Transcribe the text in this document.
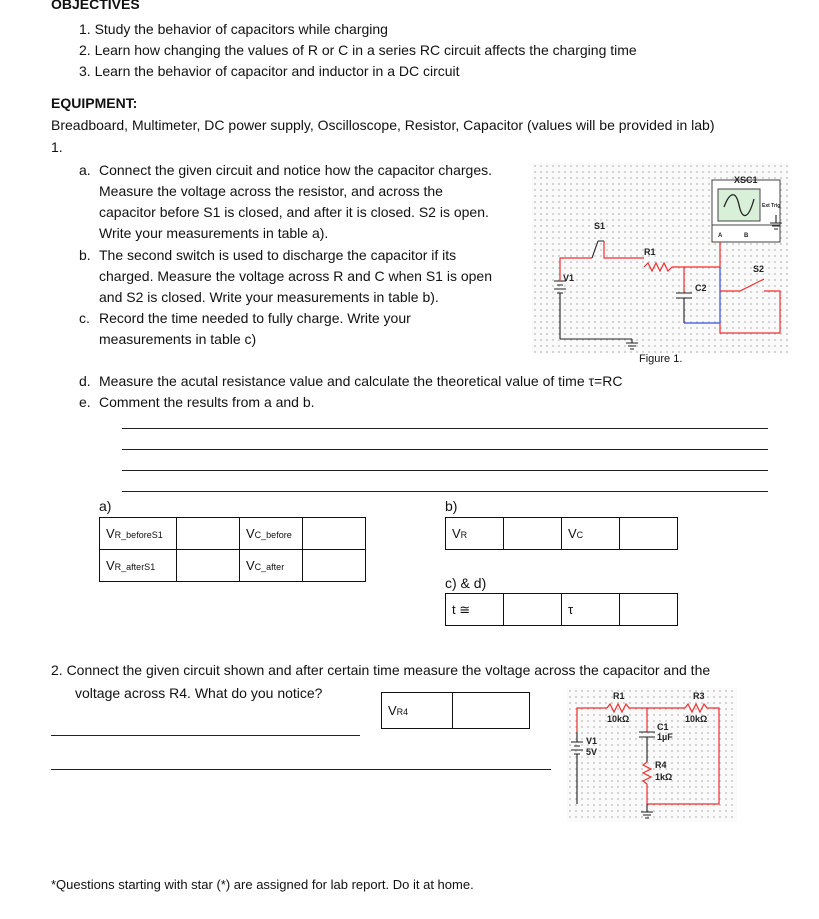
OBJECTIVES
1. Study the behavior of capacitors while charging
2. Learn how changing the values of R or C in a series RC circuit affects the charging time
3. Learn the behavior of capacitor and inductor in a DC circuit
EQUIPMENT:
Breadboard, Multimeter, DC power supply, Oscilloscope, Resistor, Capacitor (values will be provided in lab)
1.
a. Connect the given circuit and notice how the capacitor charges.
Measure the voltage across the resistor, and across the
capacitor before S1 is closed, and after it is closed. S2 is open.
Write your measurements in table a).
b. The second switch is used to discharge the capacitor if its
charged. Measure the voltage across R and C when S1 is open
and S2 is closed. Write your measurements in table b).
c. Record the time needed to fully charge. Write your
measurements in table c)
XSC1
Ext Trig
A	B
V1
S1
R1
C2
S2
Figure 1.
d. Measure the acutal resistance value and calculate the theoretical value of time τ=RC
e. Comment the results from a and b.
a)
VR_beforeS1		VC_before	
VR_afterS1		VC_after	
b)
VR		VC	
c) & d)
t ≅		τ	
2. Connect the given circuit shown and after certain time measure the voltage across the capacitor and the
voltage across R4. What do you notice?
VR4	
R1
10kΩ
R3
10kΩ
C1
1µF
V1
5V
R4
1kΩ
*Questions starting with star (*) are assigned for lab report. Do it at home.
